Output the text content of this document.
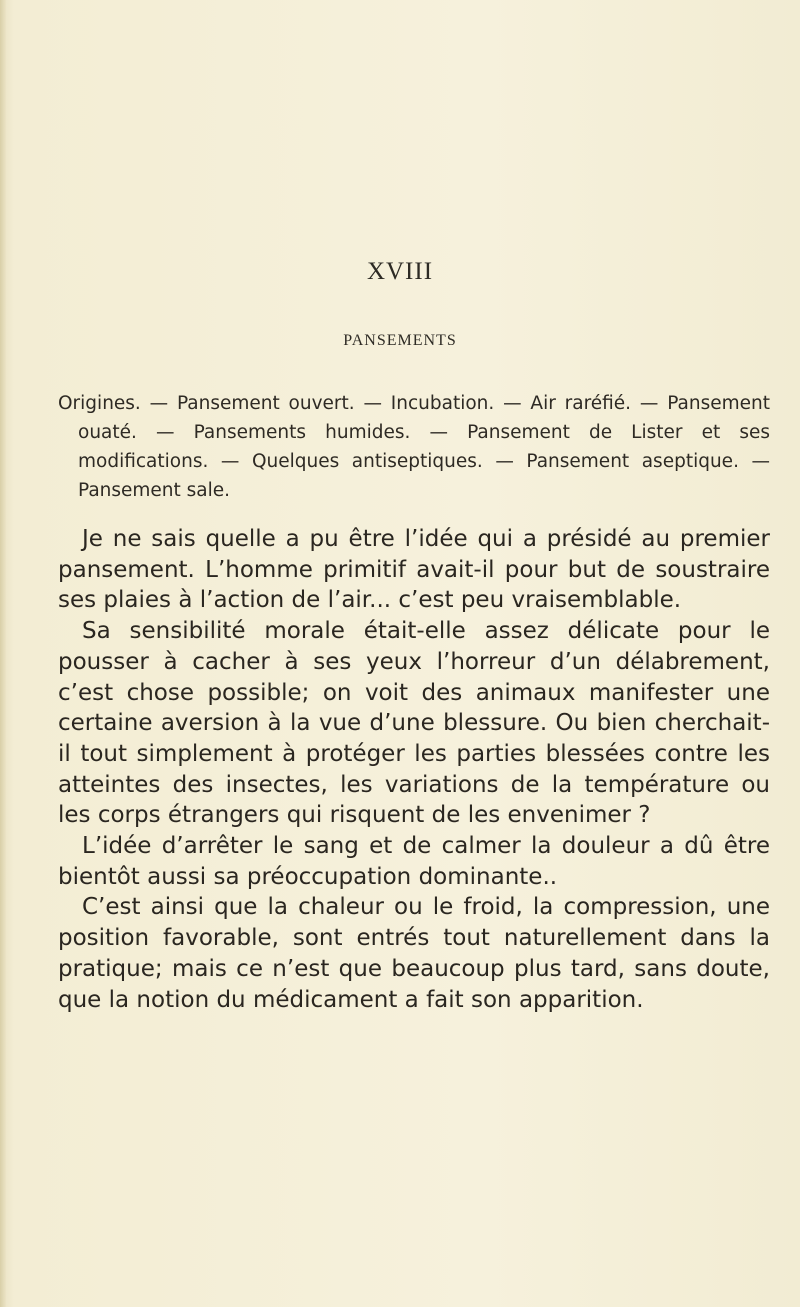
XVIII
PANSEMENTS

Origines. — Pansement ouvert. — Incubation. — Air raréfié. — Pansement ouaté. — Pansements humides. — Pansement de Lister et ses modifications. — Quelques antiseptiques. — Pansement aseptique. — Pansement sale.

Je ne sais quelle a pu être l’idée qui a présidé au premier pansement. L’homme primitif avait-il pour but de soustraire ses plaies à l’action de l’air... c’est peu vraisemblable.

Sa sensibilité morale était-elle assez délicate pour le pousser à cacher à ses yeux l’horreur d’un délabrement, c’est chose possible; on voit des animaux manifester une certaine aversion à la vue d’une blessure. Ou bien cherchait-il tout simplement à protéger les parties blessées contre les atteintes des insectes, les variations de la température ou les corps étrangers qui risquent de les envenimer ?

L’idée d’arrêter le sang et de calmer la douleur a dû être bientôt aussi sa préoccupation dominante..

C’est ainsi que la chaleur ou le froid, la compression, une position favorable, sont entrés tout naturellement dans la pratique; mais ce n’est que beaucoup plus tard, sans doute, que la notion du médicament a fait son apparition.
